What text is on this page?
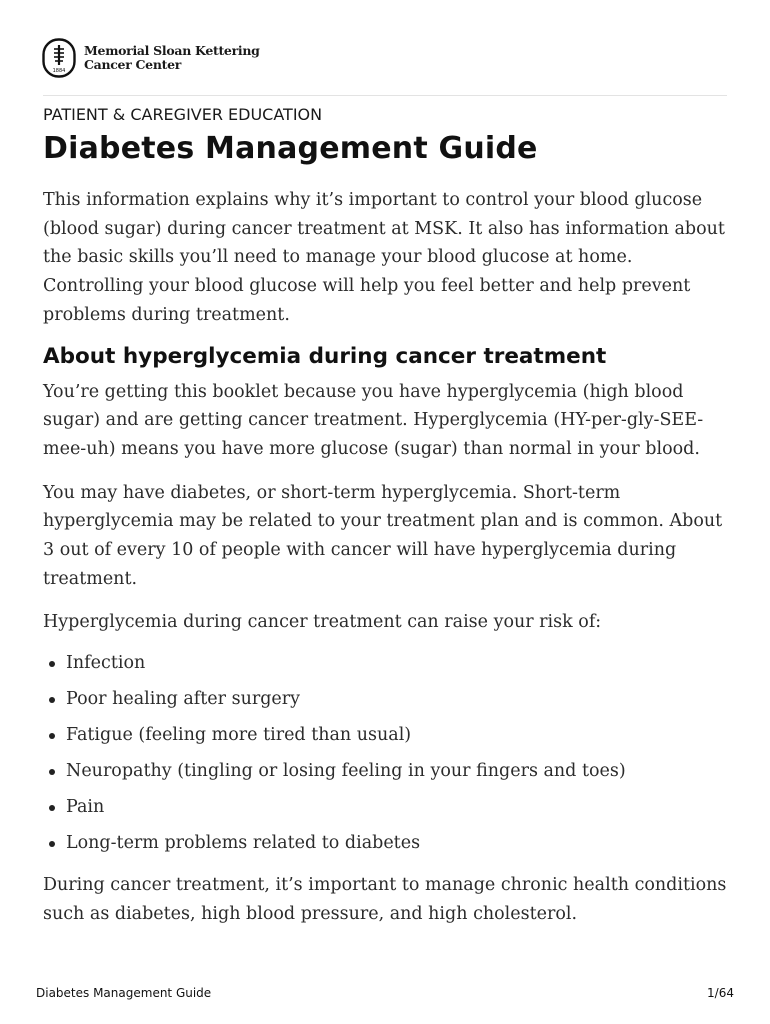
1884
Memorial Sloan Kettering
Cancer Center

PATIENT & CAREGIVER EDUCATION

Diabetes Management Guide

This information explains why it’s important to control your blood glucose (blood sugar) during cancer treatment at MSK. It also has information about the basic skills you’ll need to manage your blood glucose at home. Controlling your blood glucose will help you feel better and help prevent problems during treatment.

About hyperglycemia during cancer treatment

You’re getting this booklet because you have hyperglycemia (high blood sugar) and are getting cancer treatment. Hyperglycemia (HY-per-gly-SEE-mee-uh) means you have more glucose (sugar) than normal in your blood.

You may have diabetes, or short-term hyperglycemia. Short-term hyperglycemia may be related to your treatment plan and is common. About 3 out of every 10 of people with cancer will have hyperglycemia during treatment.

Hyperglycemia during cancer treatment can raise your risk of:

Infection
Poor healing after surgery
Fatigue (feeling more tired than usual)
Neuropathy (tingling or losing feeling in your fingers and toes)
Pain
Long-term problems related to diabetes

During cancer treatment, it’s important to manage chronic health conditions such as diabetes, high blood pressure, and high cholesterol.

Diabetes Management Guide	1/64
